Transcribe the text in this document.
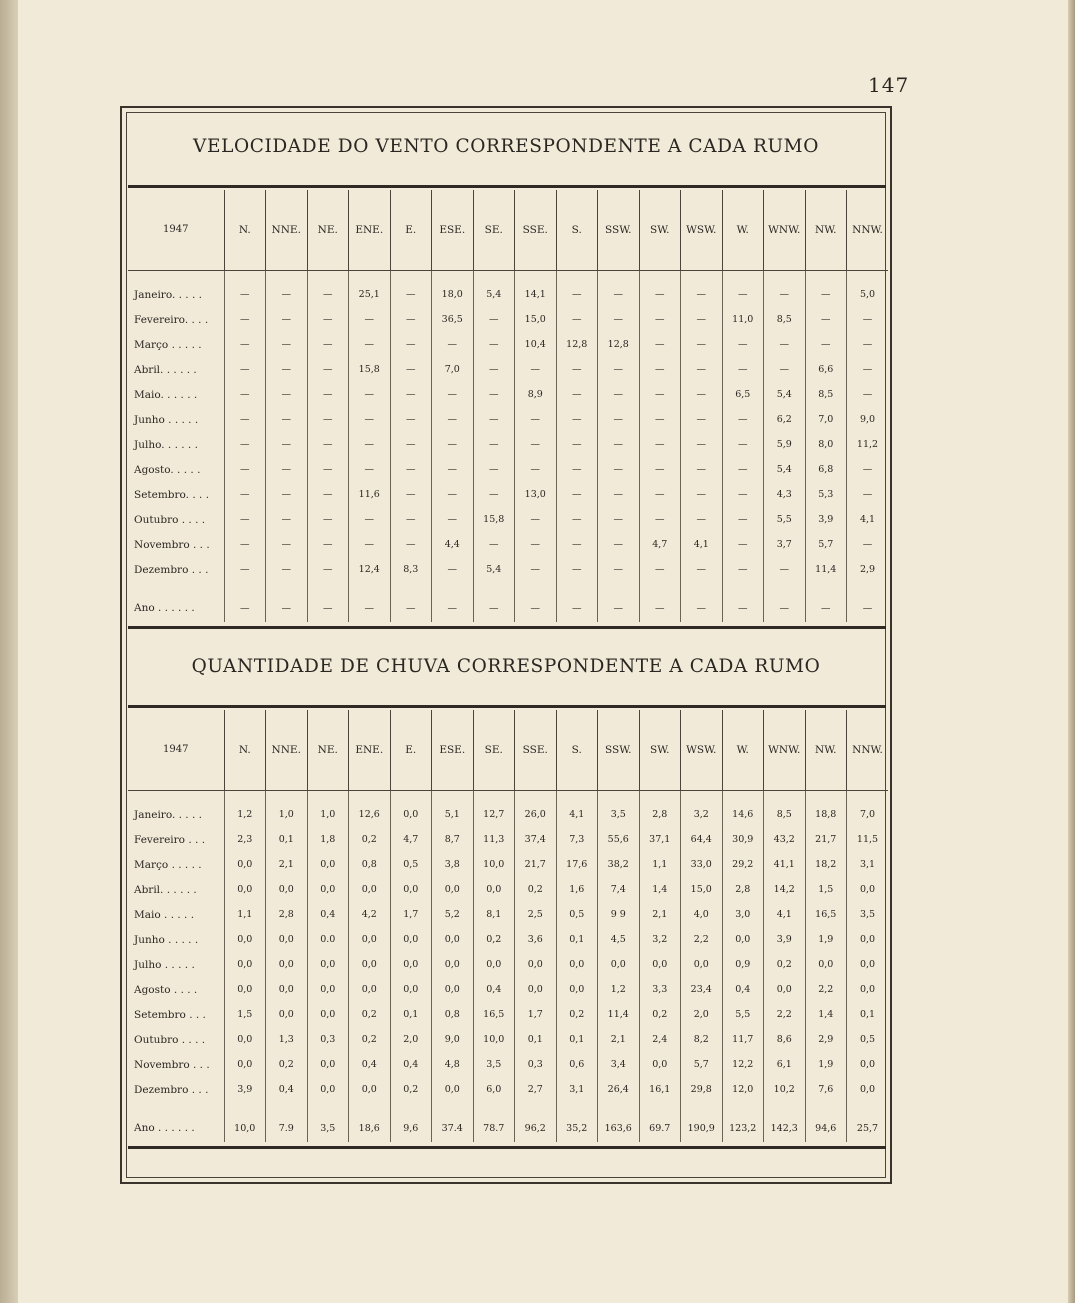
147
VELOCIDADE DO VENTO CORRESPONDENTE A CADA RUMO
1947	N.	NNE.	NE.	ENE.	E.	ESE.	SE.	SSE.	S.	SSW.	SW.	WSW.	W.	WNW.	NW.	NNW.

Janeiro. . . . .	—	—	—	25,1	—	18,0	5,4	14,1	—	—	—	—	—	—	—	5,0
Fevereiro. . . .	—	—	—	—	—	36,5	—	15,0	—	—	—	—	11,0	8,5	—	—
Março . . . . .	—	—	—	—	—	—	—	10,4	12,8	12,8	—	—	—	—	—	—
Abril. . . . . .	—	—	—	15,8	—	7,0	—	—	—	—	—	—	—	—	6,6	—
Maio. . . . . .	—	—	—	—	—	—	—	8,9	—	—	—	—	6,5	5,4	8,5	—
Junho . . . . .	—	—	—	—	—	—	—	—	—	—	—	—	—	6,2	7,0	9,0
Julho. . . . . .	—	—	—	—	—	—	—	—	—	—	—	—	—	5,9	8,0	11,2
Agosto. . . . .	—	—	—	—	—	—	—	—	—	—	—	—	—	5,4	6,8	—
Setembro. . . .	—	—	—	11,6	—	—	—	13,0	—	—	—	—	—	4,3	5,3	—
Outubro . . . .	—	—	—	—	—	—	15,8	—	—	—	—	—	—	5,5	3,9	4,1
Novembro . . .	—	—	—	—	—	4,4	—	—	—	—	4,7	4,1	—	3,7	5,7	—
Dezembro . . .	—	—	—	12,4	8,3	—	5,4	—	—	—	—	—	—	—	11,4	2,9

Ano . . . . . .	—	—	—	—	—	—	—	—	—	—	—	—	—	—	—	—
QUANTIDADE DE CHUVA CORRESPONDENTE A CADA RUMO
1947	N.	NNE.	NE.	ENE.	E.	ESE.	SE.	SSE.	S.	SSW.	SW.	WSW.	W.	WNW.	NW.	NNW.

Janeiro. . . . .	1,2	1,0	1,0	12,6	0,0	5,1	12,7	26,0	4,1	3,5	2,8	3,2	14,6	8,5	18,8	7,0
Fevereiro . . .	2,3	0,1	1,8	0,2	4,7	8,7	11,3	37,4	7,3	55,6	37,1	64,4	30,9	43,2	21,7	11,5
Março . . . . .	0,0	2,1	0,0	0,8	0,5	3,8	10,0	21,7	17,6	38,2	1,1	33,0	29,2	41,1	18,2	3,1
Abril. . . . . .	0,0	0,0	0,0	0,0	0,0	0,0	0,0	0,2	1,6	7,4	1,4	15,0	2,8	14,2	1,5	0,0
Maio . . . . .	1,1	2,8	0,4	4,2	1,7	5,2	8,1	2,5	0,5	9 9	2,1	4,0	3,0	4,1	16,5	3,5
Junho . . . . .	0,0	0,0	0.0	0,0	0,0	0,0	0,2	3,6	0,1	4,5	3,2	2,2	0,0	3,9	1,9	0,0
Julho . . . . .	0,0	0,0	0,0	0,0	0,0	0,0	0,0	0,0	0,0	0,0	0,0	0,0	0,9	0,2	0,0	0,0
Agosto . . . .	0,0	0,0	0,0	0,0	0,0	0,0	0,4	0,0	0,0	1,2	3,3	23,4	0,4	0,0	2,2	0,0
Setembro . . .	1,5	0,0	0,0	0,2	0,1	0,8	16,5	1,7	0,2	11,4	0,2	2,0	5,5	2,2	1,4	0,1
Outubro . . . .	0,0	1,3	0,3	0,2	2,0	9,0	10,0	0,1	0,1	2,1	2,4	8,2	11,7	8,6	2,9	0,5
Novembro . . .	0,0	0,2	0,0	0,4	0,4	4,8	3,5	0,3	0,6	3,4	0,0	5,7	12,2	6,1	1,9	0,0
Dezembro . . .	3,9	0,4	0,0	0,0	0,2	0,0	6,0	2,7	3,1	26,4	16,1	29,8	12,0	10,2	7,6	0,0

Ano . . . . . .	10,0	7.9	3,5	18,6	9,6	37.4	78.7	96,2	35,2	163,6	69.7	190,9	123,2	142,3	94,6	25,7
